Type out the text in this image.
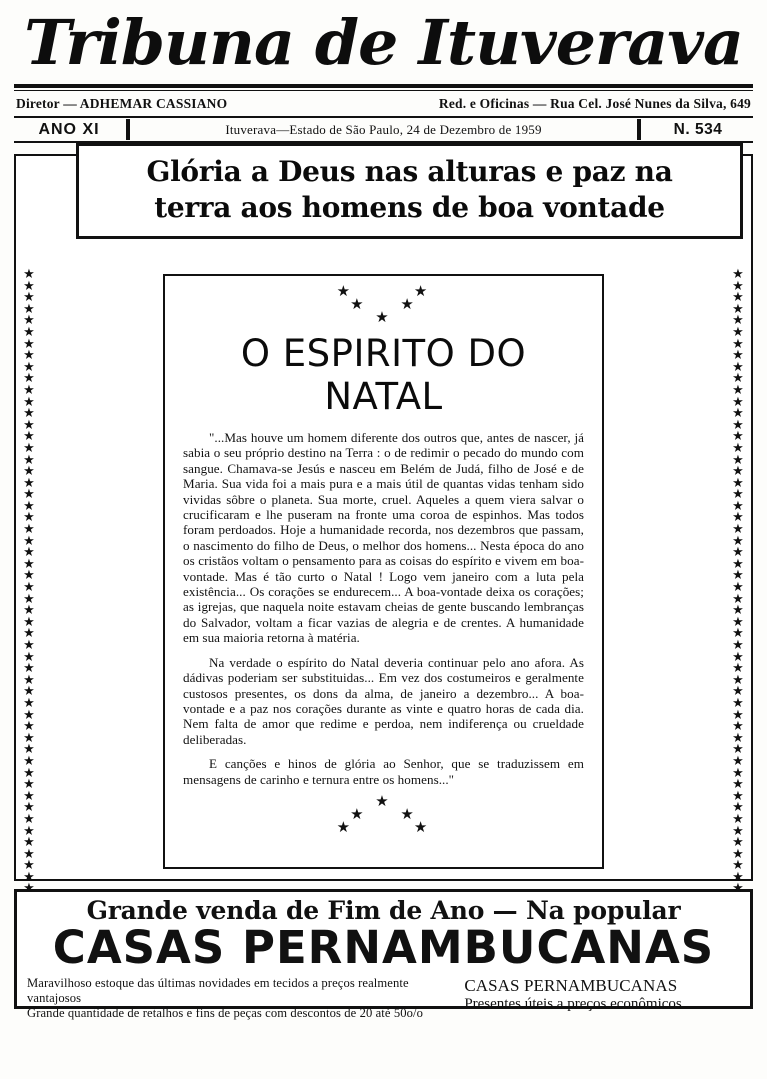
Tribuna de Ituverava
Diretor — ADHEMAR CASSIANO	Red. e Oficinas — Rua Cel. José Nunes da Silva, 649
ANO XI	Ituverava—Estado de São Paulo, 24 de Dezembro de 1959	N. 534
Glória a Deus nas alturas e paz na
terra aos homens de boa vontade
★
★
★
★
★
★
★
★
★
★
★
★
★
★
★
★
★
★
★
★
★
★
★
★
★
★
★
★
★
★
★
★
★
★
★
★
★
★
★
★
★
★
★
★
★
★
★
★
★
★
★
★
★
★
★
★
★
★
★
★
★
★
★
★
★
★
★
★
★
★
★
★
★
★
★
★
★
★
★
★
★
★
★
★
★
★
★
★
★
★
★
★
★
★
★
★
★
★
★
★
★
★
★
★
★
★
★
★
★         ★
★     ★
★
O ESPIRITO DO NATAL

"...Mas houve um homem diferente dos outros que, antes de nascer, já sabia o seu próprio destino na Terra : o de redimir o pecado do mundo com sangue. Chamava-se Jesús e nasceu em Belém de Judá, filho de José e de Maria. Sua vida foi a mais pura e a mais útil de quantas vidas tenham sido vividas sôbre o planeta. Sua morte, cruel. Aqueles a quem viera salvar o crucificaram e lhe puseram na fronte uma coroa de espinhos. Mas todos foram perdoados. Hoje a humanidade recorda, nos dezembros que passam, o nascimento do filho de Deus, o melhor dos homens... Nesta época do ano os cristãos voltam o pensamento para as coisas do espírito e vivem em boa-vontade. Mas é tão curto o Natal ! Logo vem janeiro com a luta pela existência... Os corações se endurecem... A boa-vontade deixa os corações; as igrejas, que naquela noite estavam cheias de gente buscando lembranças do Salvador, voltam a ficar vazias de alegria e de crentes. A humanidade em sua maioria retorna à matéria.

Na verdade o espírito do Natal deveria continuar pelo ano afora. As dádivas poderiam ser substituidas... Em vez dos costumeiros e geralmente custosos presentes, os dons da alma, de janeiro a dezembro... A boa-vontade e a paz nos corações durante as vinte e quatro horas de cada dia. Nem falta de amor que redime e perdoa, nem indiferença ou crueldade deliberadas.

E canções e hinos de glória ao Senhor, que se traduzissem em mensagens de carinho e ternura entre os homens..."

★
★     ★
★         ★
Grande venda de Fim de Ano — Na popular
CASAS PERNAMBUCANAS
Maravilhoso estoque das últimas novidades em tecidos a preços realmente vantajosos
Grande quantidade de retalhos e fins de peças com descontos de 20 até 50o/o
CASAS PERNAMBUCANAS
Presentes úteis a preços econômicos
